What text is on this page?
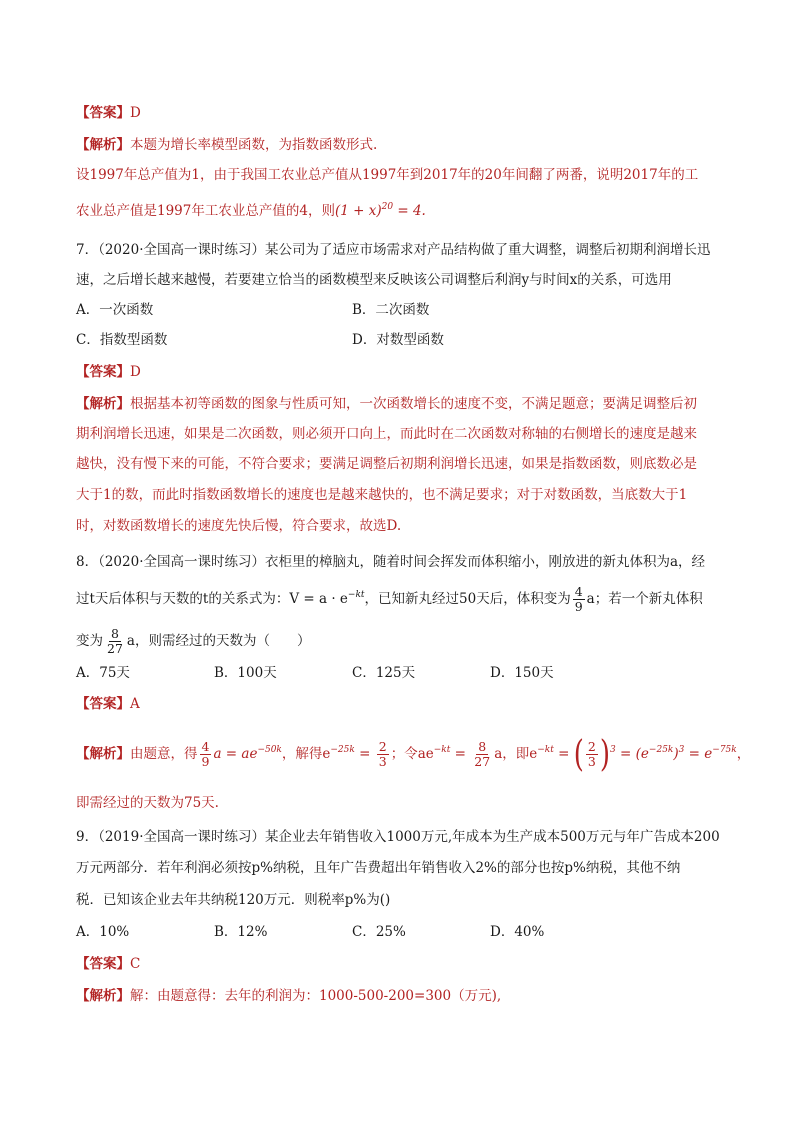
【答案】D
【解析】本题为增长率模型函数，为指数函数形式.
设1997年总产值为1，由于我国工农业总产值从1997年到2017年的20年间翻了两番，说明2017年的工
农业总产值是1997年工农业总产值的4，则$(1 + x)^{20} = 4$.
7．（2020·全国高一课时练习）某公司为了适应市场需求对产品结构做了重大调整，调整后初期利润增长迅
速，之后增长越来越慢，若要建立恰当的函数模型来反映该公司调整后利润y与时间x的关系，可选用
A．一次函数	B．二次函数
C．指数型函数	D．对数型函数
【答案】D
【解析】根据基本初等函数的图象与性质可知，一次函数增长的速度不变，不满足题意；要满足调整后初
期利润增长迅速，如果是二次函数，则必须开口向上，而此时在二次函数对称轴的右侧增长的速度是越来
越快，没有慢下来的可能，不符合要求；要满足调整后初期利润增长迅速，如果是指数函数，则底数必是
大于1的数，而此时指数函数增长的速度也是越来越快的，也不满足要求；对于对数函数，当底数大于1
时，对数函数增长的速度先快后慢，符合要求，故选D.
8．（2020·全国高一课时练习）衣柜里的樟脑丸，随着时间会挥发而体积缩小，刚放进的新丸体积为a，经
过t天后体积与天数的t的关系式为：$V = a \cdot e^{-kt}$，已知新丸经过50天后，体积变为 $\frac{4}{9}$ a；若一个新丸体积
变为 $\frac{8}{27}$ a，则需经过的天数为（　　）
A．75天	B．100天	C．125天	D．150天
【答案】A
【解析】由题意，得 $\frac{4}{9}$ $a = ae^{-50k}$，解得$e^{-25k} = \frac{2}{3}$ ；令$ae^{-kt} = \frac{8}{27}$ a，即$e^{-kt}$ = ( $\frac{2}{3} )^3 = (e^{-25k})^3 = e^{-75k}$，
即需经过的天数为75天.
9．（2019·全国高一课时练习）某企业去年销售收入1000万元,年成本为生产成本500万元与年广告成本200
万元两部分．若年利润必须按p%纳税，且年广告费超出年销售收入2%的部分也按p%纳税，其他不纳
税．已知该企业去年共纳税120万元．则税率p%为()
A．10%	B．12%	C．25%	D．40%
【答案】C
【解析】解：由题意得：去年的利润为：1000-500-200=300（万元),
